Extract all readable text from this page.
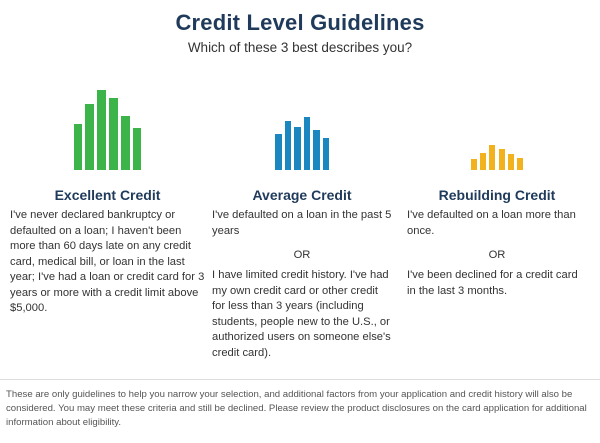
Credit Level Guidelines
Which of these 3 best describes you?
Excellent Credit
I've never declared bankruptcy or defaulted on a loan; I haven't been more than 60 days late on any credit card, medical bill, or loan in the last year; I've had a loan or credit card for 3 years or more with a credit limit above $5,000.
Average Credit
I've defaulted on a loan in the past 5 years
OR
I have limited credit history. I've had my own credit card or other credit for less than 3 years (including students, people new to the U.S., or authorized users on someone else's credit card).
Rebuilding Credit
I've defaulted on a loan more than once.
OR
I've been declined for a credit card in the last 3 months.
These are only guidelines to help you narrow your selection, and additional factors from your application and credit history will also be considered. You may meet these criteria and still be declined. Please review the product disclosures on the card application for additional information about eligibility.
